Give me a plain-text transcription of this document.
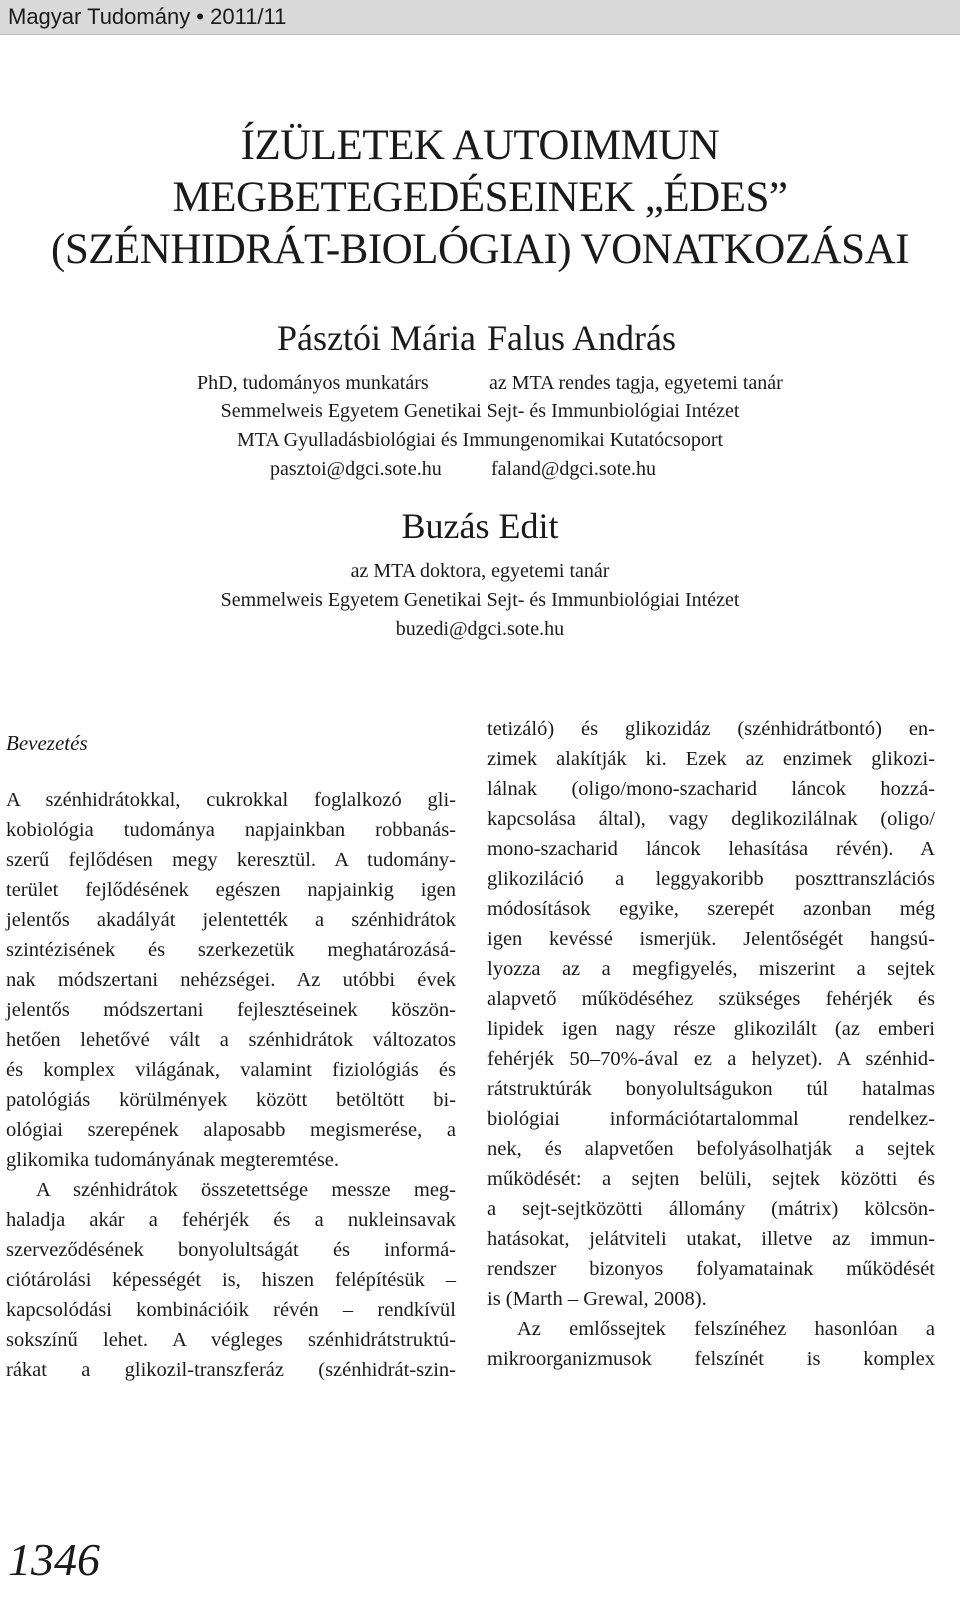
Magyar Tudomány • 2011/11

ÍZÜLETEK AUTOIMMUN
MEGBETEGEDÉSEINEK „ÉDES”
(SZÉNHIDRÁT-BIOLÓGIAI) VONATKOZÁSAI

Pásztói Mária Falus András

PhD, tudományos munkatárs	az MTA rendes tagja, egyetemi tanár

Semmelweis Egyetem Genetikai Sejt- és Immunbiológiai Intézet

MTA Gyulladásbiológiai és Immungenomikai Kutatócsoport

pasztoi@dgci.sote.hu faland@dgci.sote.hu

Buzás Edit

az MTA doktora, egyetemi tanár

Semmelweis Egyetem Genetikai Sejt- és Immunbiológiai Intézet

buzedi@dgci.sote.hu

Bevezetés

A szénhidrátokkal, cukrokkal foglalkozó gli-
kobiológia tudománya napjainkban robbanás-
szerű fejlődésen megy keresztül. A tudomány-
terület fejlődésének egészen napjainkig igen
jelentős akadályát jelentették a szénhidrátok
szintézisének és szerkezetük meghatározásá-
nak módszertani nehézségei. Az utóbbi évek
jelentős módszertani fejlesztéseinek köszön-
hetően lehetővé vált a szénhidrátok változatos
és komplex világának, valamint fiziológiás és
patológiás körülmények között betöltött bi-
ológiai szerepének alaposabb megismerése, a
glikomika tudományának megteremtése.
A szénhidrátok összetettsége messze meg-
haladja akár a fehérjék és a nukleinsavak
szerveződésének bonyolultságát és informá-
ciótárolási képességét is, hiszen felépítésük –
kapcsolódási kombinációik révén – rendkívül
sokszínű lehet. A végleges szénhidrátstruktú-
rákat a glikozil-transzferáz (szénhidrát-szin-
tetizáló) és glikozidáz (szénhidrátbontó) en-
zimek alakítják ki. Ezek az enzimek glikozi-
lálnak (oligo/mono-szacharid láncok hozzá-
kapcsolása által), vagy deglikozilálnak (oligo/
mono-szacharid láncok lehasítása révén). A
glikoziláció a leggyakoribb poszttranszlációs
módosítások egyike, szerepét azonban még
igen kevéssé ismerjük. Jelentőségét hangsú-
lyozza az a megfigyelés, miszerint a sejtek
alapvető működéséhez szükséges fehérjék és
lipidek igen nagy része glikozilált (az emberi
fehérjék 50–70%-ával ez a helyzet). A szénhid-
rátstruktúrák bonyolultságukon túl hatalmas
biológiai információtartalommal rendelkez-
nek, és alapvetően befolyásolhatják a sejtek
működését: a sejten belüli, sejtek közötti és
a sejt-sejtközötti állomány (mátrix) kölcsön-
hatásokat, jelátviteli utakat, illetve az immun-
rendszer bizonyos folyamatainak működését
is (Marth – Grewal, 2008).
Az emlőssejtek felszínéhez hasonlóan a
mikroorganizmusok felszínét is komplex

1346
